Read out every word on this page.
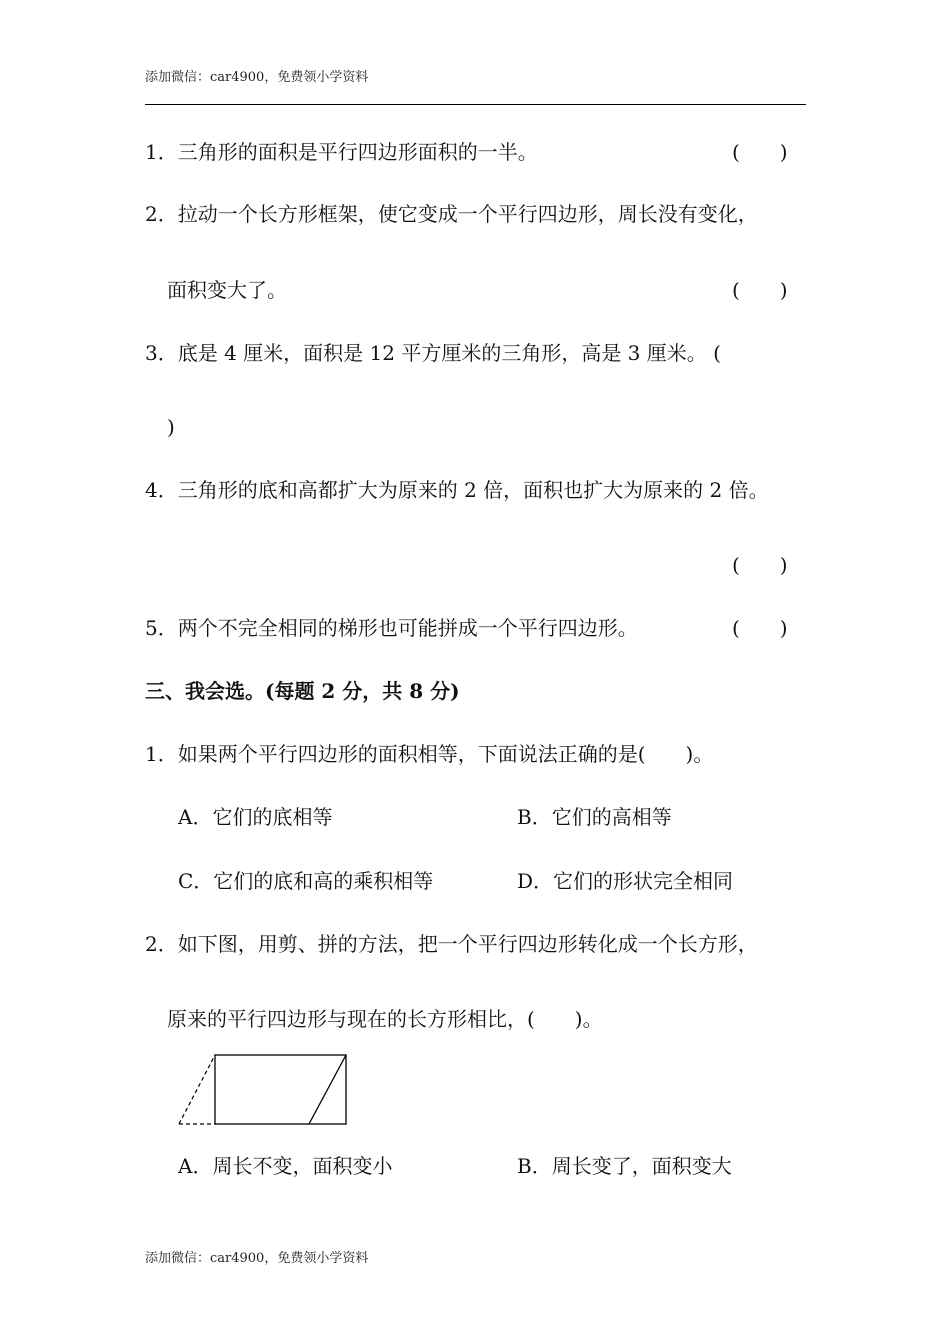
添加微信：car4900，免费领小学资料
1．三角形的面积是平行四边形面积的一半。	(　　)
2．拉动一个长方形框架，使它变成一个平行四边形，周长没有变化，
面积变大了。	(　　)
3．底是 4 厘米，面积是 12 平方厘米的三角形，高是 3 厘米。 (
)
4．三角形的底和高都扩大为原来的 2 倍，面积也扩大为原来的 2 倍。
(　　)
5．两个不完全相同的梯形也可能拼成一个平行四边形。	(　　)
三、我会选。(每题 2 分，共 8 分)
1．如果两个平行四边形的面积相等，下面说法正确的是(　　)。
A．它们的底相等	B．它们的高相等
C．它们的底和高的乘积相等	D．它们的形状完全相同
2．如下图，用剪、拼的方法，把一个平行四边形转化成一个长方形，
原来的平行四边形与现在的长方形相比，(　　)。
A．周长不变，面积变小	B．周长变了，面积变大
添加微信：car4900，免费领小学资料
